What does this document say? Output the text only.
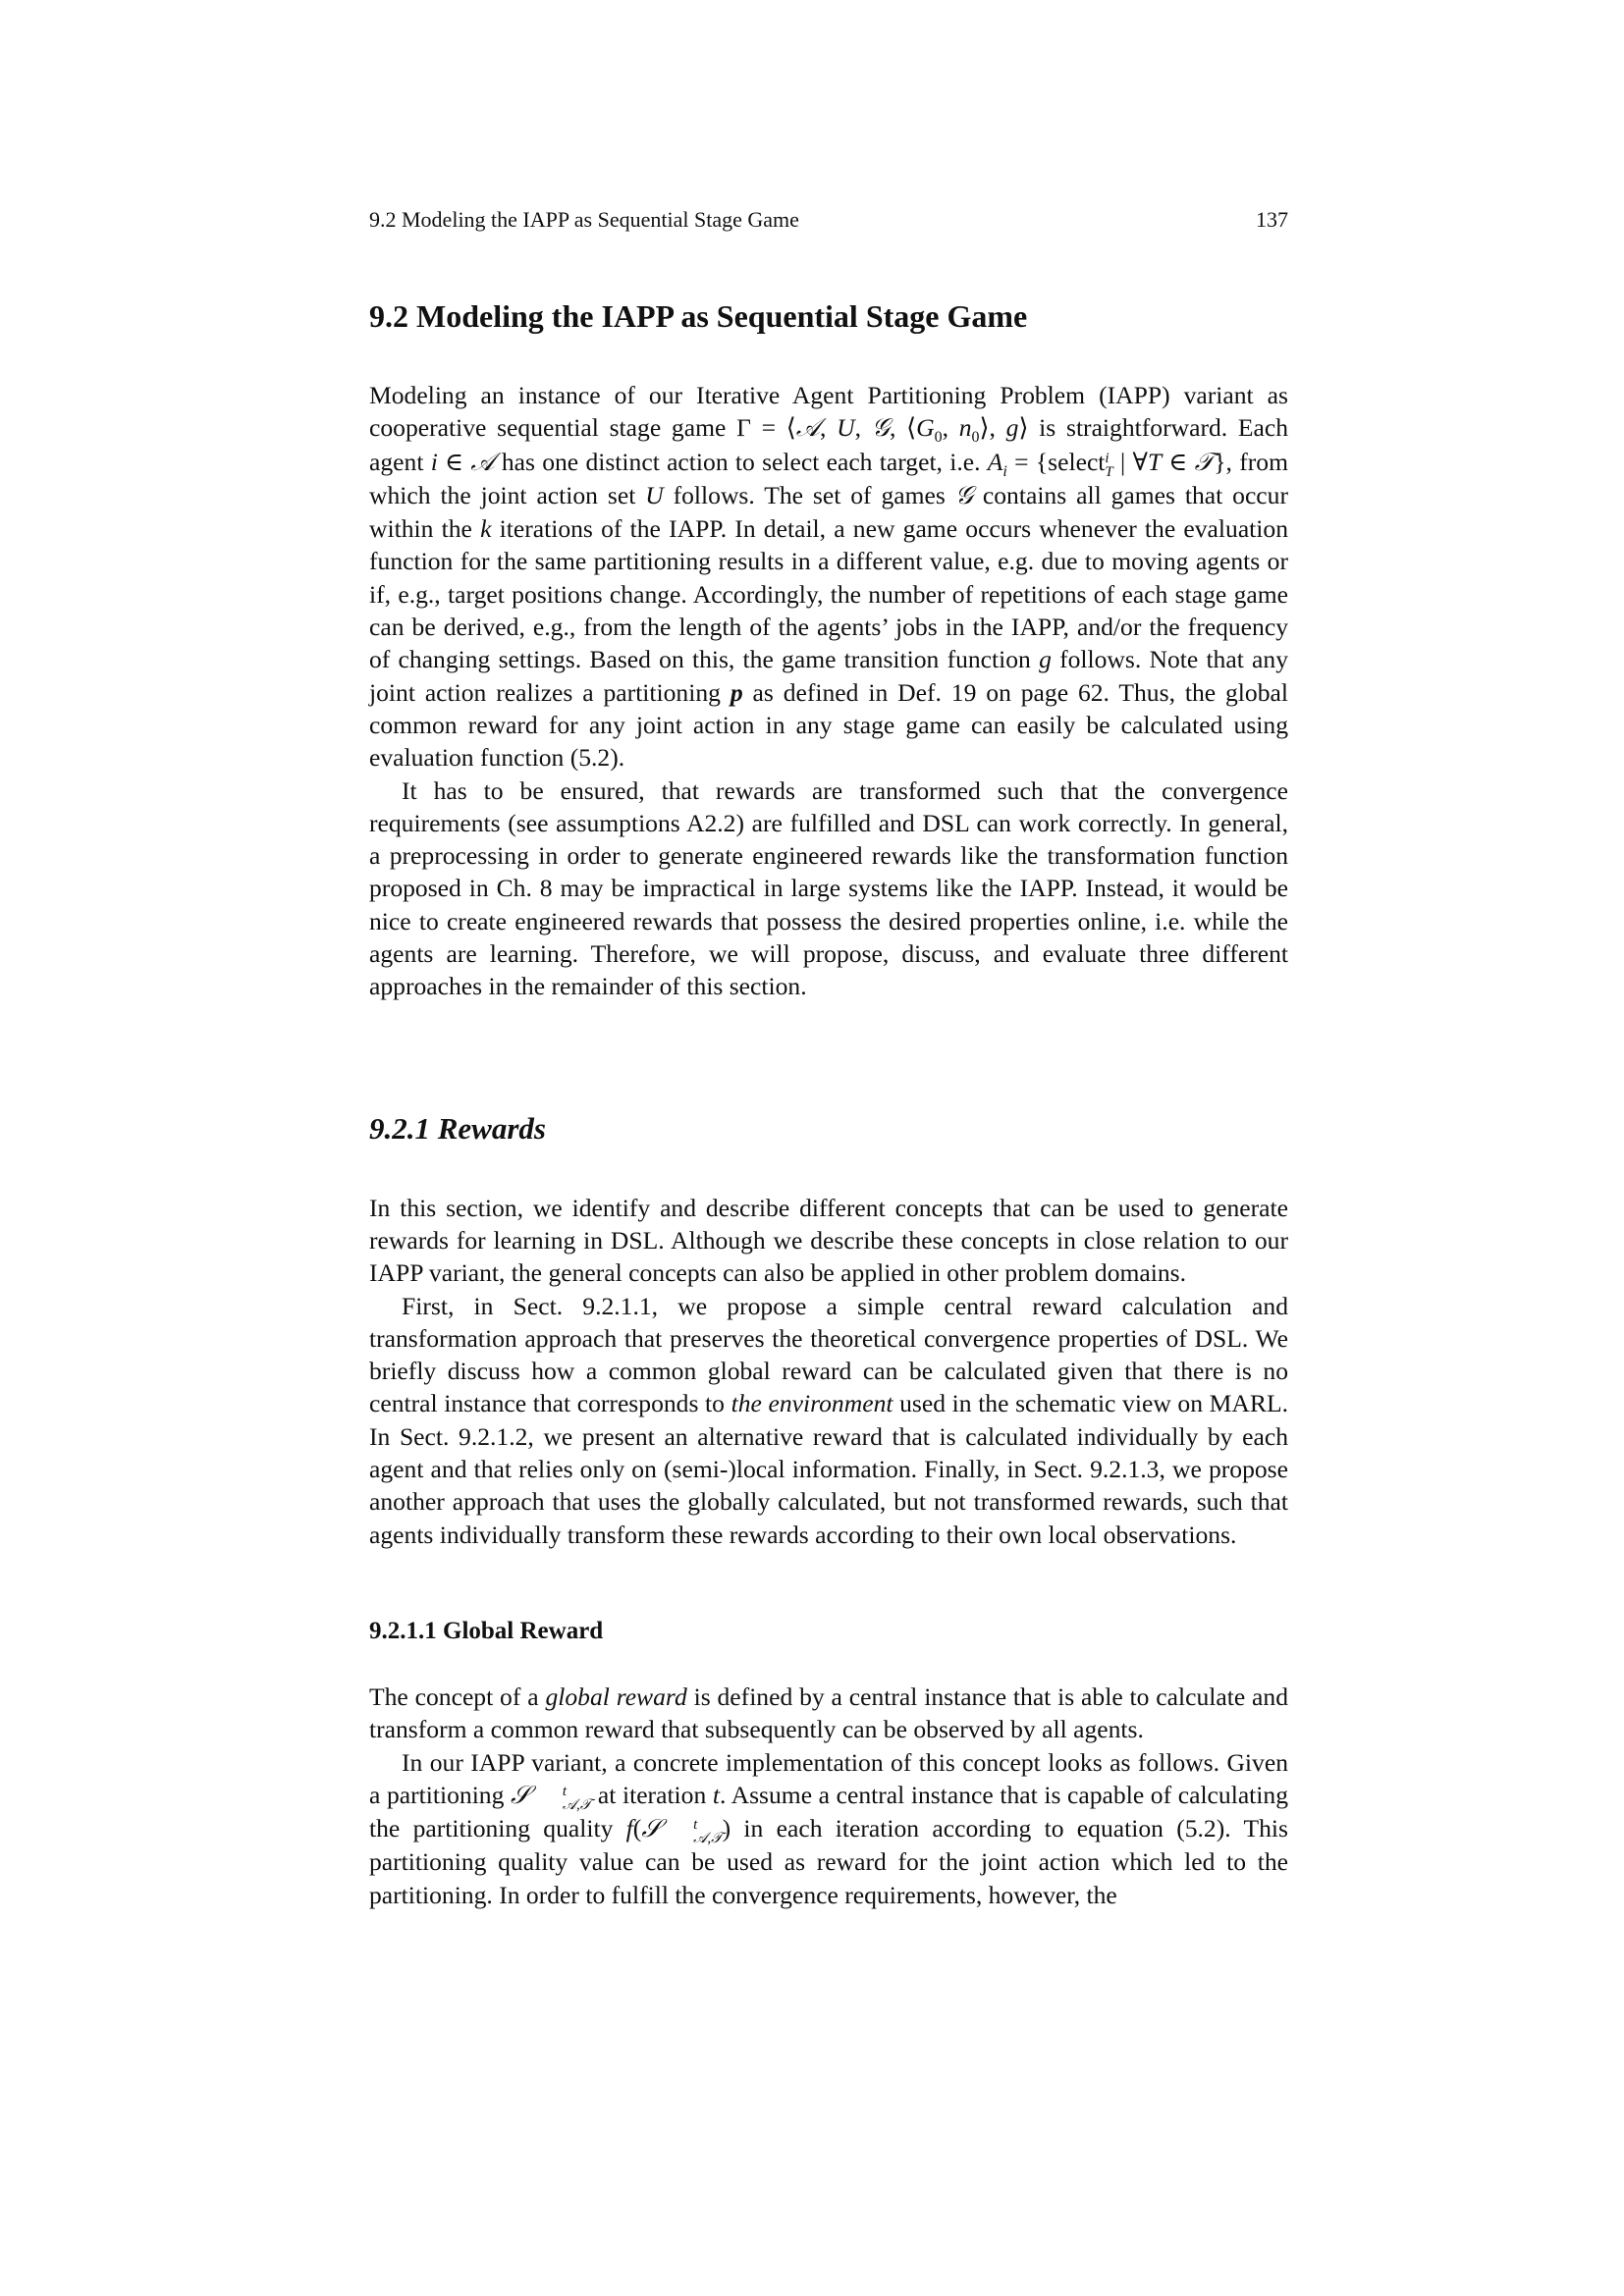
9.2 Modeling the IAPP as Sequential Stage Game	137
9.2 Modeling the IAPP as Sequential Stage Game

Modeling an instance of our Iterative Agent Partitioning Problem (IAPP) variant as cooperative sequential stage game Γ = ⟨𝒜, U, 𝒢, $⟨G_0$, $n_0⟩$, g⟩ is straightforward. Each agent i ∈ 𝒜 has one distinct action to select each target, i.e. $A_i$ = {select i
T | ∀T ∈ 𝒯}, from which the joint action set U follows. The set of games 𝒢 contains all games that occur within the k iterations of the IAPP. In detail, a new game occurs whenever the evaluation function for the same partitioning results in a different value, e.g. due to moving agents or if, e.g., target positions change. Accordingly, the number of repetitions of each stage game can be derived, e.g., from the length of the agents’ jobs in the IAPP, and/or the frequency of changing settings. Based on this, the game transition function g follows. Note that any joint action realizes a partitioning p as defined in Def. 19 on page 62. Thus, the global common reward for any joint action in any stage game can easily be calculated using evaluation function (5.2).

It has to be ensured, that rewards are transformed such that the convergence requirements (see assumptions A2.2) are fulfilled and DSL can work correctly. In general, a preprocessing in order to generate engineered rewards like the transformation function proposed in Ch. 8 may be impractical in large systems like the IAPP. Instead, it would be nice to create engineered rewards that possess the desired properties online, i.e. while the agents are learning. Therefore, we will propose, discuss, and evaluate three different approaches in the remainder of this section.

9.2.1 Rewards

In this section, we identify and describe different concepts that can be used to generate rewards for learning in DSL. Although we describe these concepts in close relation to our IAPP variant, the general concepts can also be applied in other problem domains.

First, in Sect. 9.2.1.1, we propose a simple central reward calculation and transformation approach that preserves the theoretical convergence properties of DSL. We briefly discuss how a common global reward can be calculated given that there is no central instance that corresponds to the environment used in the schematic view on MARL. In Sect. 9.2.1.2, we present an alternative reward that is calculated individually by each agent and that relies only on (semi-)local information. Finally, in Sect. 9.2.1.3, we propose another approach that uses the globally calculated, but not transformed rewards, such that agents individually transform these rewards according to their own local observations.

9.2.1.1 Global Reward

The concept of a global reward is defined by a central instance that is able to calculate and transform a common reward that subsequently can be observed by all agents.

In our IAPP variant, a concrete implementation of this concept looks as follows. Given a partitioning 𝒮	t
𝒜,𝒯 at iteration t. Assume a central instance that is capable of calculating the partitioning quality f(𝒮	t
𝒜,𝒯 ) in each iteration according to equation (5.2). This partitioning quality value can be used as reward for the joint action which led to the partitioning. In order to fulfill the convergence requirements, however, the
